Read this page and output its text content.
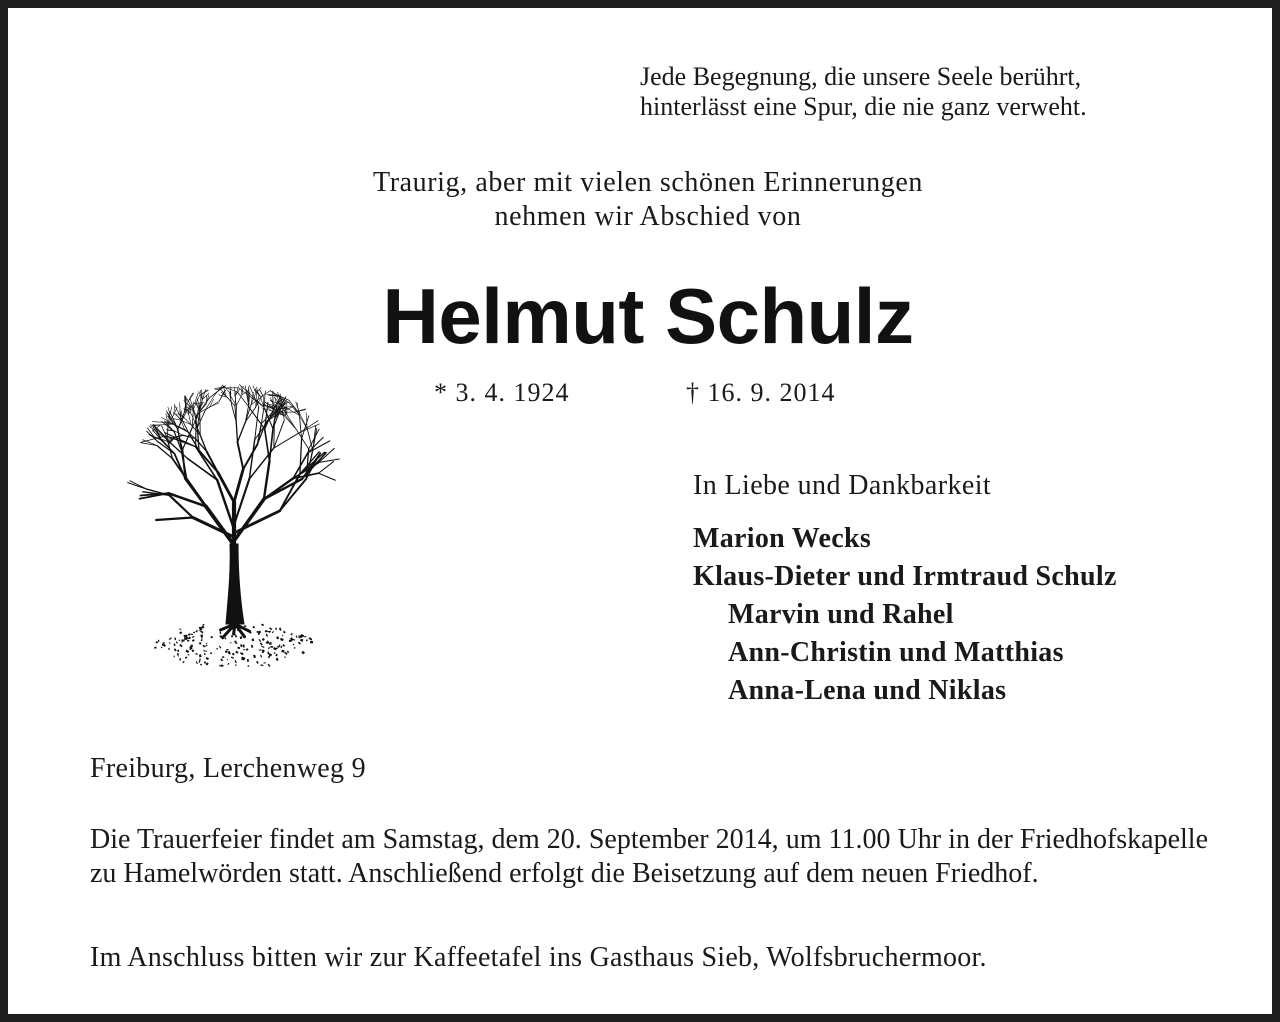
Jede Begegnung, die unsere Seele berührt,
hinterlässt eine Spur, die nie ganz verweht.
Traurig, aber mit vielen schönen Erinnerungen
nehmen wir Abschied von
Helmut Schulz
* 3. 4. 1924	† 16. 9. 2014
In Liebe und Dankbarkeit
Marion Wecks
Klaus-Dieter und Irmtraud Schulz
Marvin und Rahel
Ann-Christin und Matthias
Anna-Lena und Niklas
Freiburg, Lerchenweg 9
Die Trauerfeier findet am Samstag, dem 20. September 2014, um 11.00 Uhr in der Friedhofskapelle zu Hamelwörden statt. Anschließend erfolgt die Beisetzung auf dem neuen Friedhof.
Im Anschluss bitten wir zur Kaffeetafel ins Gasthaus Sieb, Wolfsbruchermoor.
